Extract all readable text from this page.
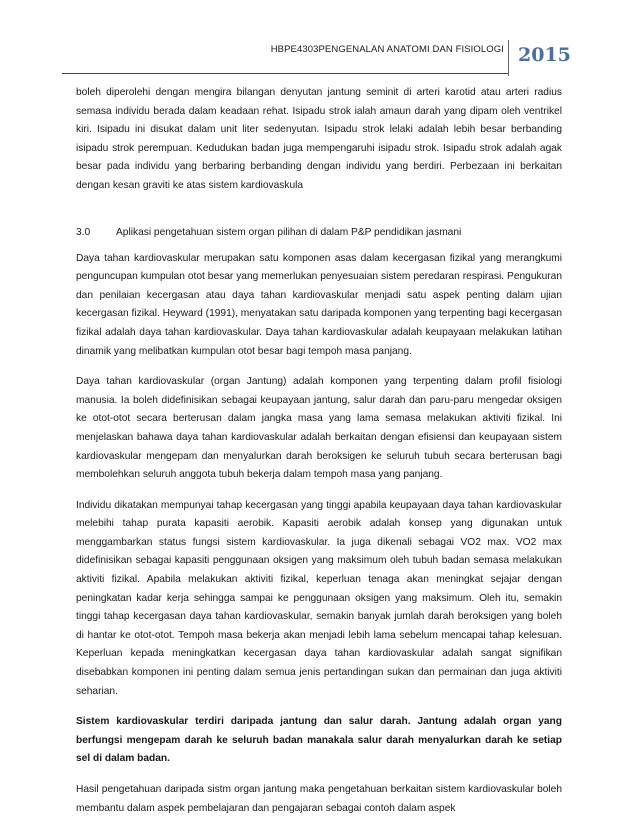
HBPE4303PENGENALAN ANATOMI DAN FISIOLOGI 2015

boleh diperolehi dengan mengira bilangan denyutan jantung seminit di arteri karotid atau arteri radius semasa individu berada dalam keadaan rehat. Isipadu strok ialah amaun darah yang dipam oleh ventrikel kiri. Isipadu ini disukat dalam unit liter sedenyutan. Isipadu strok lelaki adalah lebih besar berbanding isipadu strok perempuan. Kedudukan badan juga mempengaruhi isipadu strok. Isipadu strok adalah agak besar pada individu yang berbaring berbanding dengan individu yang berdiri. Perbezaan ini berkaitan dengan kesan graviti ke atas sistem kardiovaskula

3.0	Aplikasi pengetahuan sistem organ pilihan di dalam P&P pendidikan jasmani

Daya tahan kardiovaskular merupakan satu komponen asas dalam kecergasan fizikal yang merangkumi penguncupan kumpulan otot besar yang memerlukan penyesuaian sistem peredaran respirasi. Pengukuran dan penilaian kecergasan atau daya tahan kardiovaskular menjadi satu aspek penting dalam ujian kecergasan fizikal. Heyward (1991), menyatakan satu daripada komponen yang terpenting bagi kecergasan fizikal adalah daya tahan kardiovaskular. Daya tahan kardiovaskular adalah keupayaan melakukan latihan dinamik yang melibatkan kumpulan otot besar bagi tempoh masa panjang.

Daya tahan kardiovaskular (organ Jantung) adalah komponen yang terpenting dalam profil fisiologi manusia. Ia boleh didefinisikan sebagai keupayaan jantung, salur darah dan paru-paru mengedar oksigen ke otot-otot secara berterusan dalam jangka masa yang lama semasa melakukan aktiviti fizikal. Ini menjelaskan bahawa daya tahan kardiovaskular adalah berkaitan dengan efisiensi dan keupayaan sistem kardiovaskular mengepam dan menyalurkan darah beroksigen ke seluruh tubuh secara berterusan bagi membolehkan seluruh anggota tubuh bekerja dalam tempoh masa yang panjang.

Individu dikatakan mempunyai tahap kecergasan yang tinggi apabila keupayaan daya tahan kardiovaskular melebihi tahap purata kapasiti aerobik. Kapasiti aerobik adalah konsep yang digunakan untuk menggambarkan status fungsi sistem kardiovaskular. Ia juga dikenali sebagai VO2 max. VO2 max didefinisikan sebagai kapasiti penggunaan oksigen yang maksimum oleh tubuh badan semasa melakukan aktiviti fizikal. Apabila melakukan aktiviti fizikal, keperluan tenaga akan meningkat sejajar dengan peningkatan kadar kerja sehingga sampai ke penggunaan oksigen yang maksimum. Oleh itu, semakin tinggi tahap kecergasan daya tahan kardiovaskular, semakin banyak jumlah darah beroksigen yang boleh di hantar ke otot-otot. Tempoh masa bekerja akan menjadi lebih lama sebelum mencapai tahap kelesuan. Keperluan kepada meningkatkan kecergasan daya tahan kardiovaskular adalah sangat signifikan disebabkan komponen ini penting dalam semua jenis pertandingan sukan dan permainan dan juga aktiviti seharian.

Sistem kardiovaskular terdiri daripada jantung dan salur darah. Jantung adalah organ yang berfungsi mengepam darah ke seluruh badan manakala salur darah menyalurkan darah ke setiap sel di dalam badan.

Hasil pengetahuan daripada sistm organ jantung maka pengetahuan berkaitan sistem kardiovaskular boleh membantu dalam aspek pembelajaran dan pengajaran sebagai contoh dalam aspek
